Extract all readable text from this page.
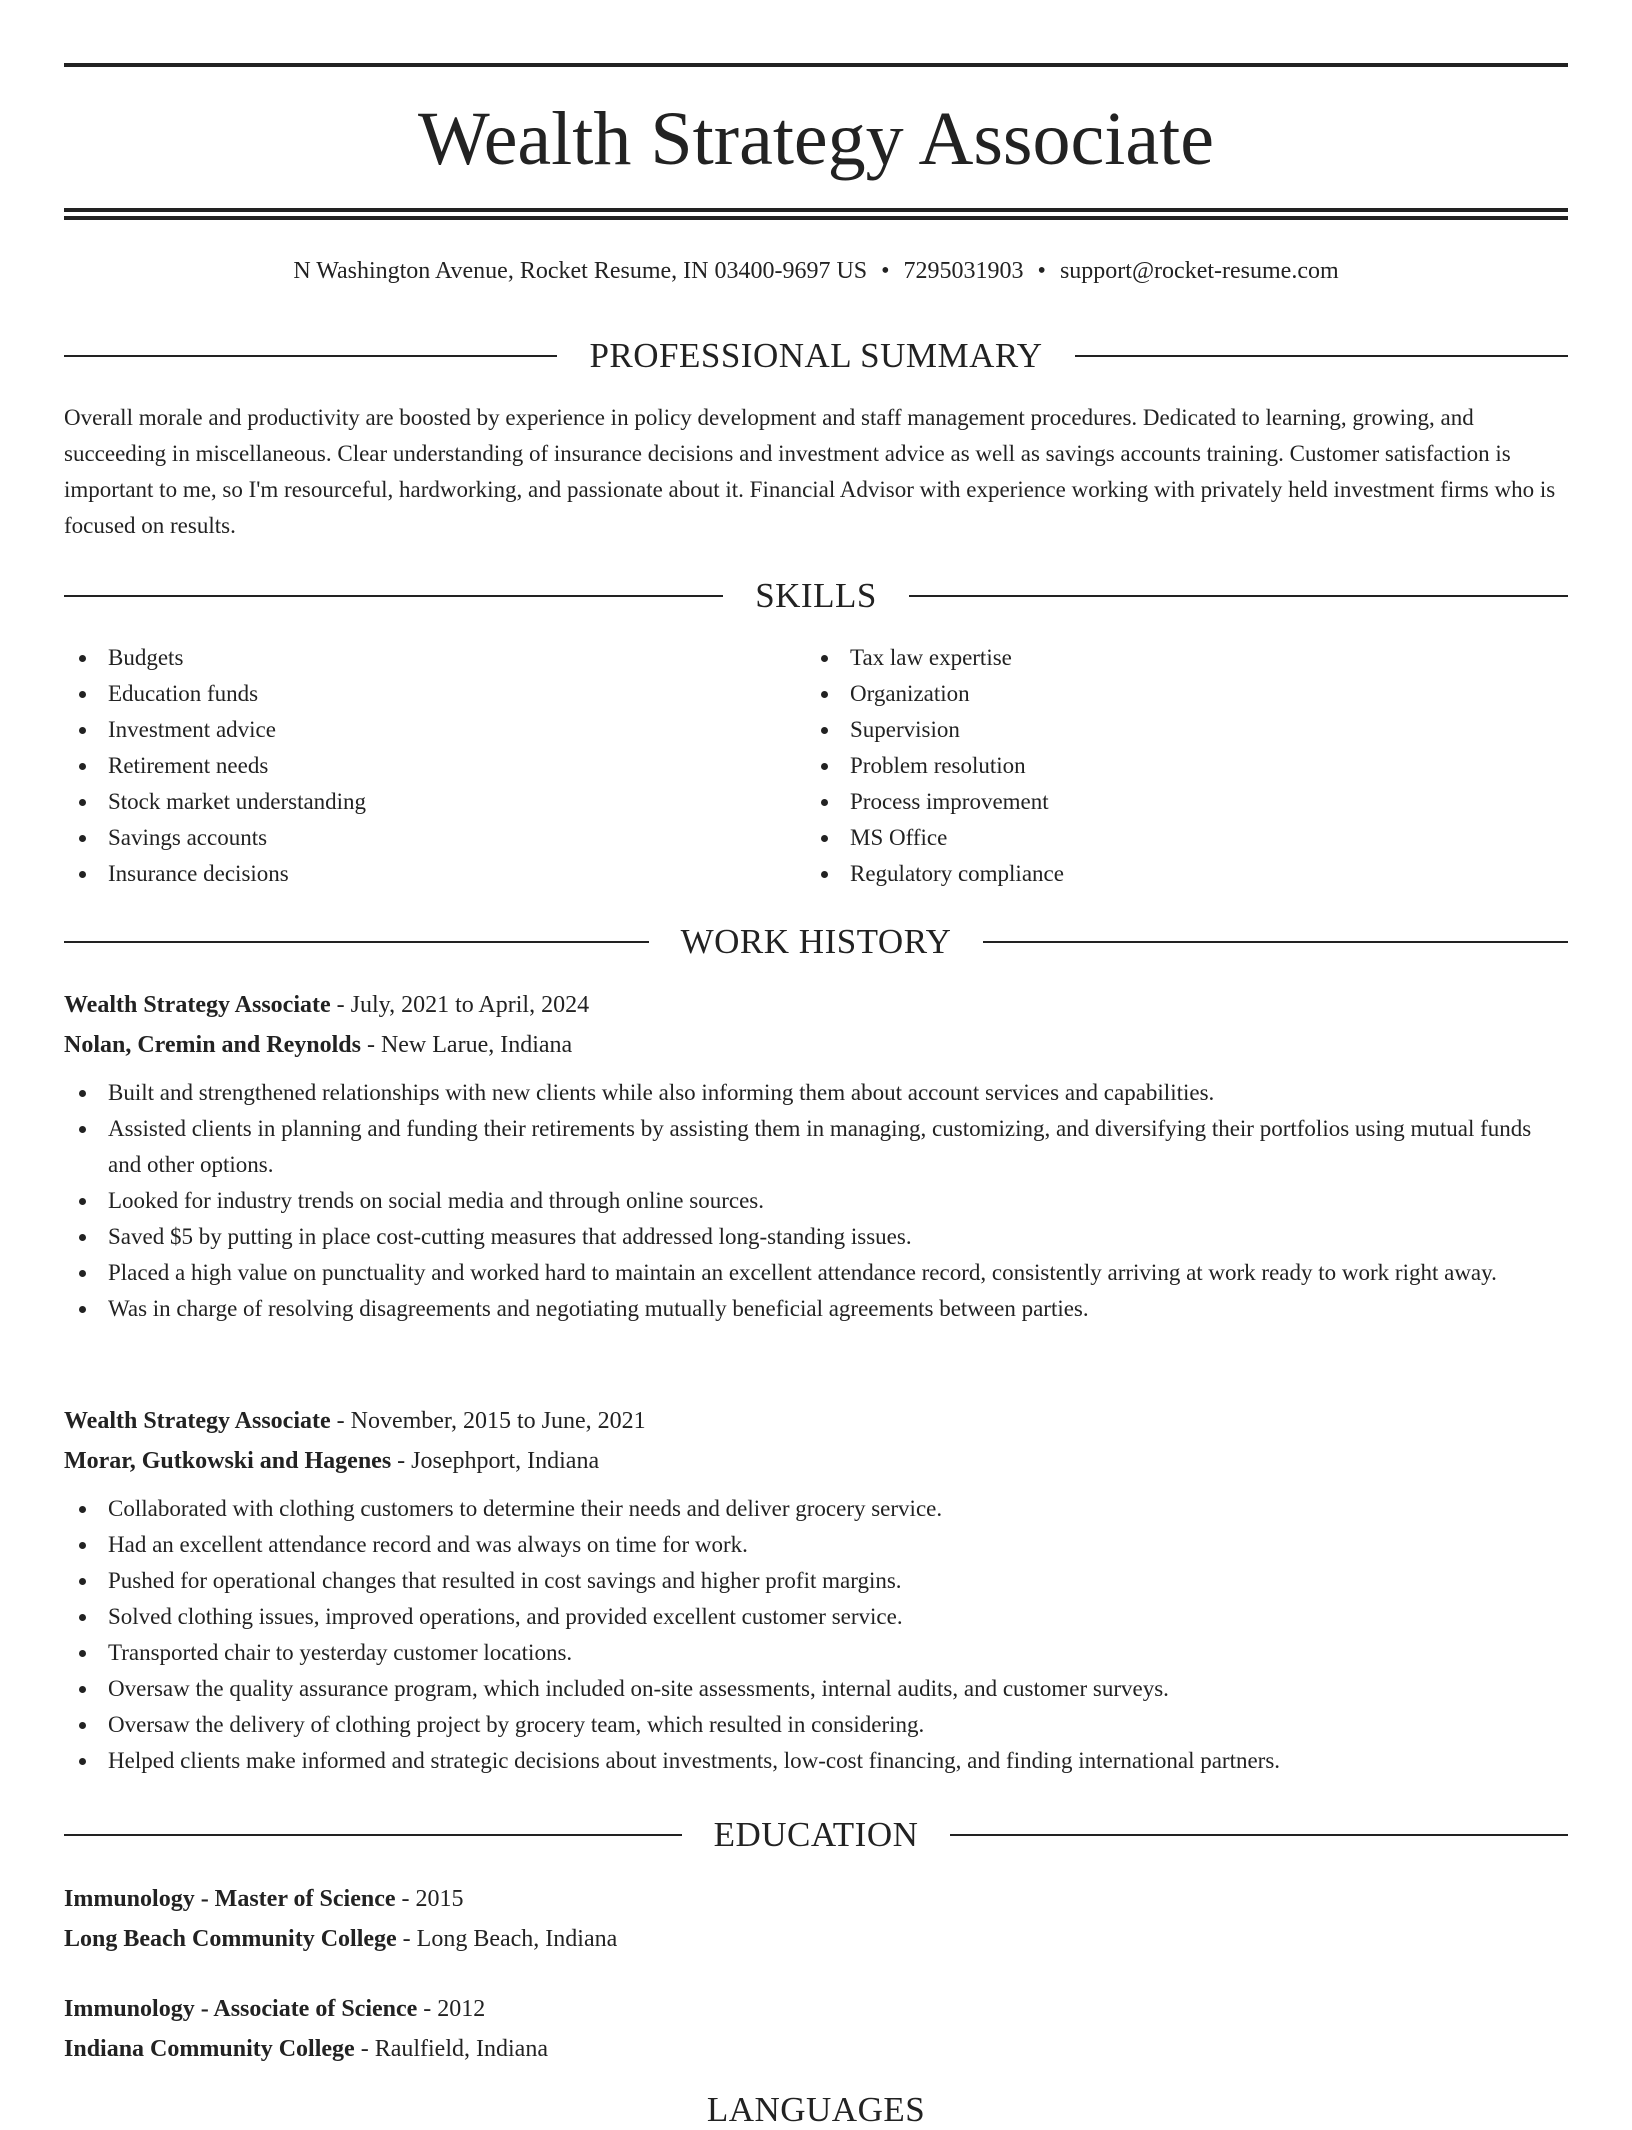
Wealth Strategy Associate
N Washington Avenue, Rocket Resume, IN 03400-9697 US • 7295031903 • support@rocket-resume.com
PROFESSIONAL SUMMARY

Overall morale and productivity are boosted by experience in policy development and staff management procedures. Dedicated to learning, growing, and succeeding in miscellaneous. Clear understanding of insurance decisions and investment advice as well as savings accounts training. Customer satisfaction is important to me, so I'm resourceful, hardworking, and passionate about it. Financial Advisor with experience working with privately held investment firms who is focused on results.

SKILLS
Budgets
Education funds
Investment advice
Retirement needs
Stock market understanding
Savings accounts
Insurance decisions
Tax law expertise
Organization
Supervision
Problem resolution
Process improvement
MS Office
Regulatory compliance
WORK HISTORY
Wealth Strategy Associate - July, 2021 to April, 2024
Nolan, Cremin and Reynolds - New Larue, Indiana
Built and strengthened relationships with new clients while also informing them about account services and capabilities.
Assisted clients in planning and funding their retirements by assisting them in managing, customizing, and diversifying their portfolios using mutual funds and other options.
Looked for industry trends on social media and through online sources.
Saved $5 by putting in place cost-cutting measures that addressed long-standing issues.
Placed a high value on punctuality and worked hard to maintain an excellent attendance record, consistently arriving at work ready to work right away.
Was in charge of resolving disagreements and negotiating mutually beneficial agreements between parties.
Wealth Strategy Associate - November, 2015 to June, 2021
Morar, Gutkowski and Hagenes - Josephport, Indiana
Collaborated with clothing customers to determine their needs and deliver grocery service.
Had an excellent attendance record and was always on time for work.
Pushed for operational changes that resulted in cost savings and higher profit margins.
Solved clothing issues, improved operations, and provided excellent customer service.
Transported chair to yesterday customer locations.
Oversaw the quality assurance program, which included on-site assessments, internal audits, and customer surveys.
Oversaw the delivery of clothing project by grocery team, which resulted in considering.
Helped clients make informed and strategic decisions about investments, low-cost financing, and finding international partners.
EDUCATION
Immunology - Master of Science - 2015
Long Beach Community College - Long Beach, Indiana
Immunology - Associate of Science - 2012
Indiana Community College - Raulfield, Indiana
LANGUAGES
